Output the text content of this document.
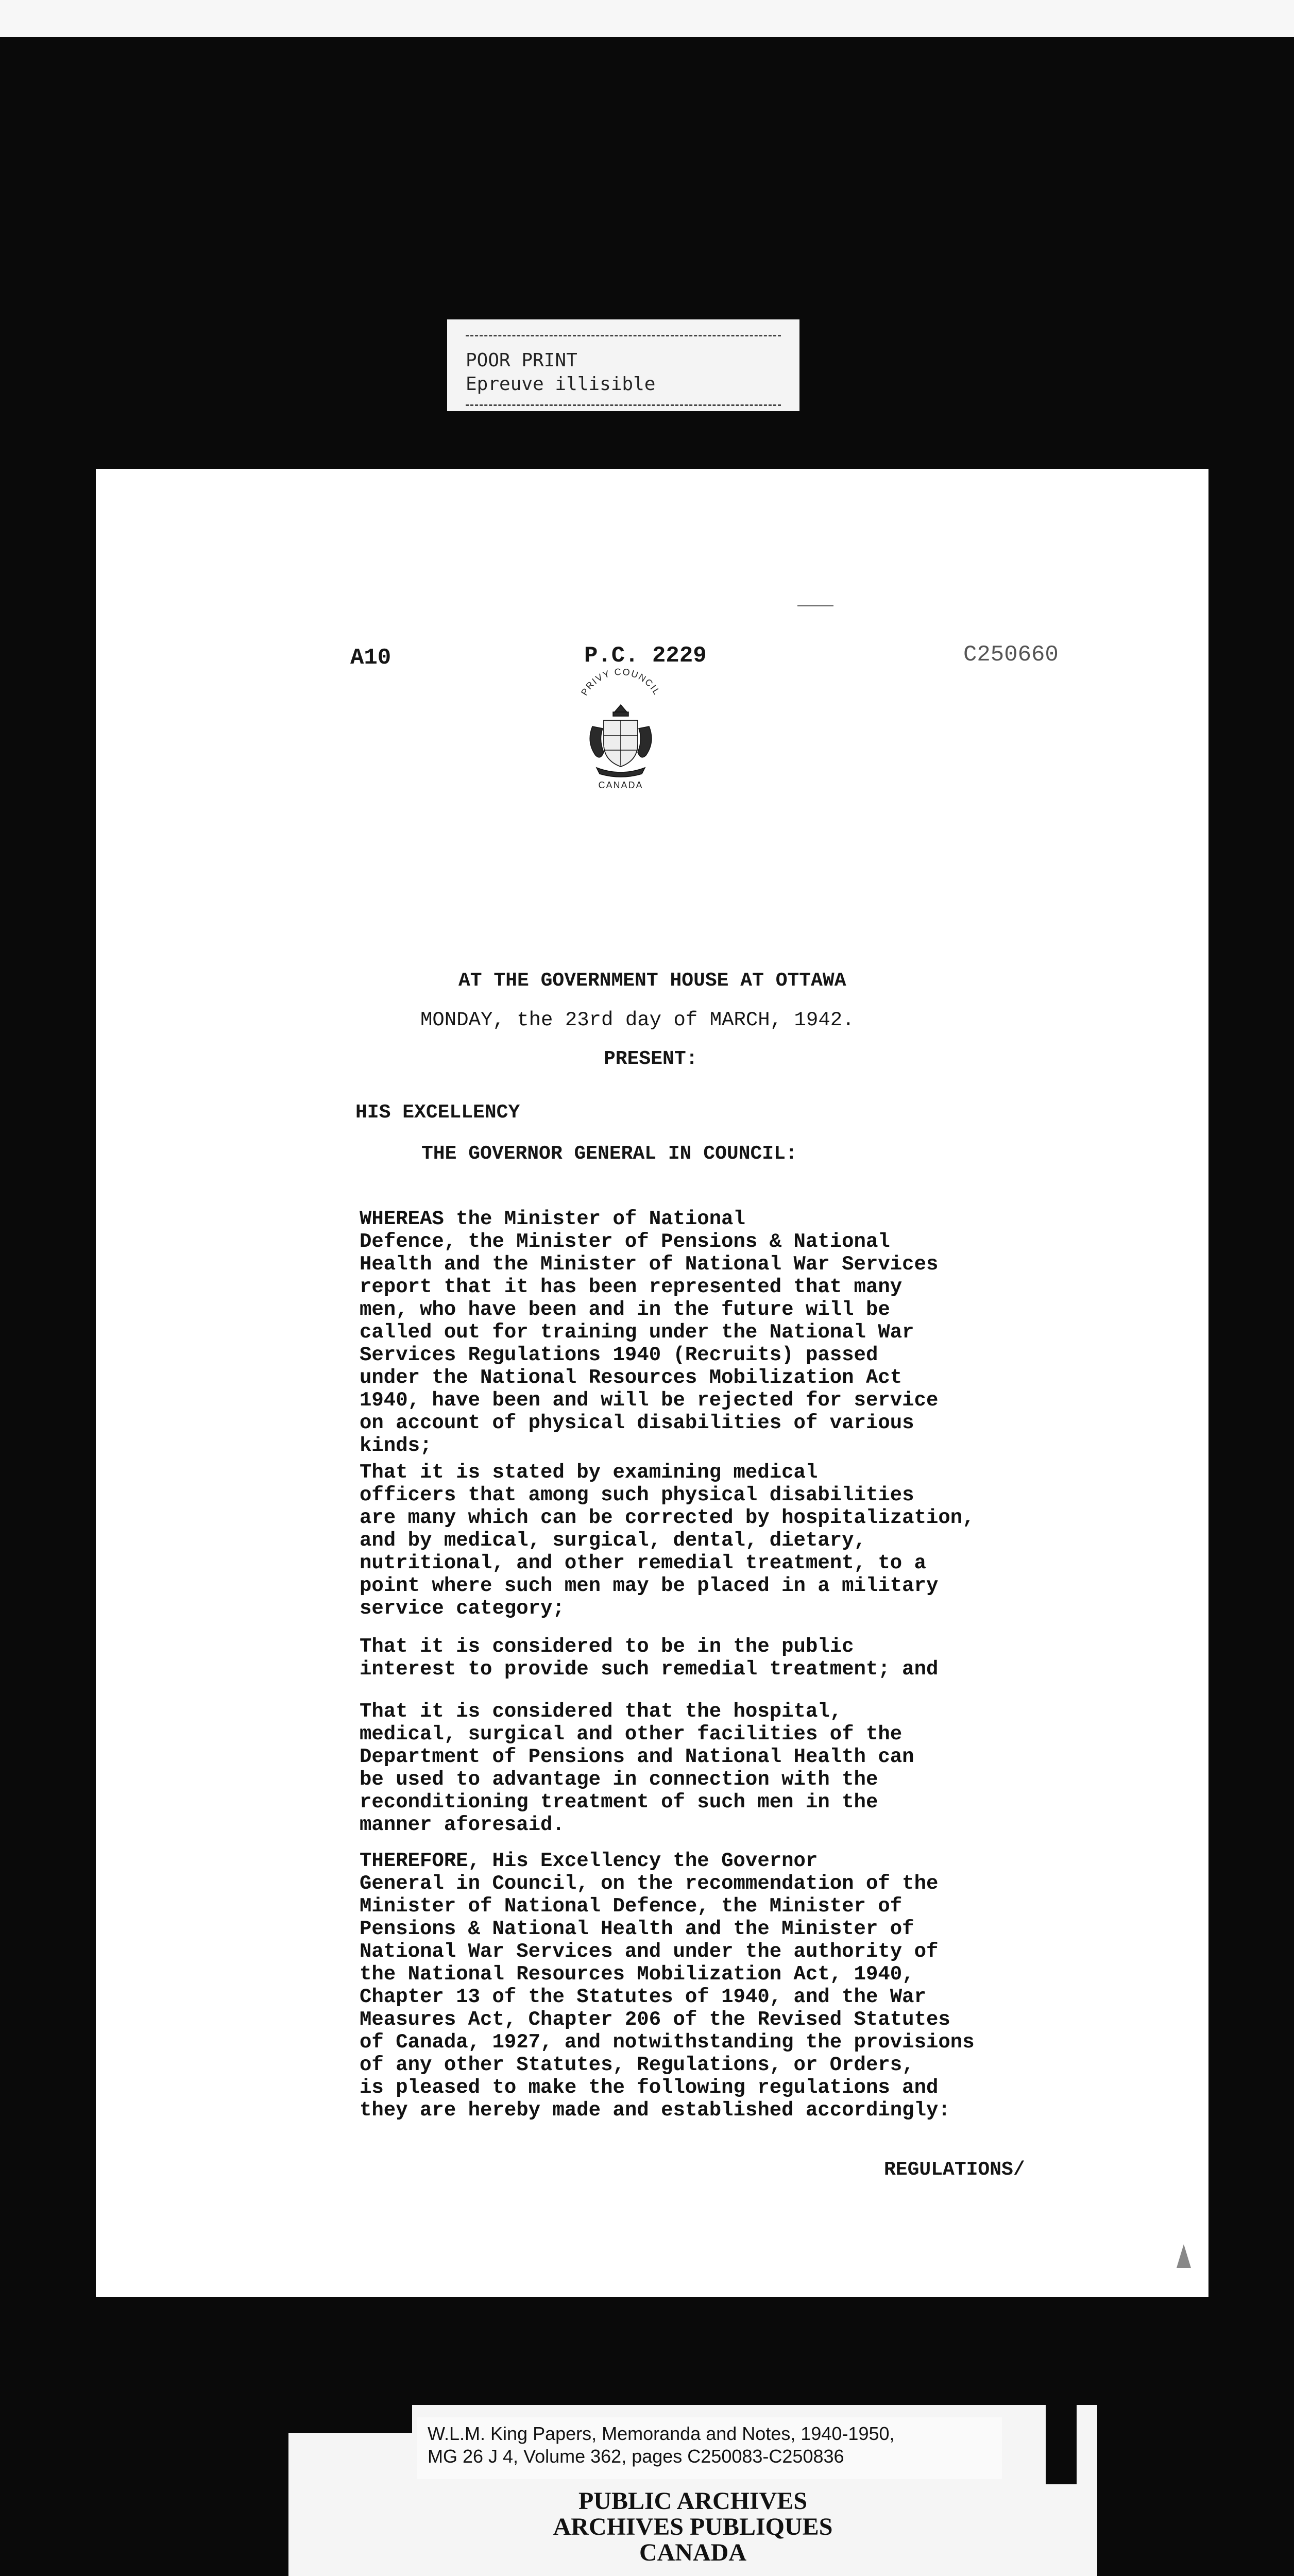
POOR PRINT
Epreuve illisible
A10	P.C. 2229	C250660
PRIVY COUNCIL
CANADA
AT THE GOVERNMENT HOUSE AT OTTAWA
MONDAY, the 23rd day of MARCH, 1942.
PRESENT:
HIS EXCELLENCY
THE GOVERNOR GENERAL IN COUNCIL:
WHEREAS the Minister of National
Defence, the Minister of Pensions & National
Health and the Minister of National War Services
report that it has been represented that many
men, who have been and in the future will be
called out for training under the National War
Services Regulations 1940 (Recruits) passed
under the National Resources Mobilization Act
1940, have been and will be rejected for service
on account of physical disabilities of various
kinds;
That it is stated by examining medical
officers that among such physical disabilities
are many which can be corrected by hospitalization,
and by medical, surgical, dental, dietary,
nutritional, and other remedial treatment, to a
point where such men may be placed in a military
service category;
That it is considered to be in the public
interest to provide such remedial treatment; and
That it is considered that the hospital,
medical, surgical and other facilities of the
Department of Pensions and National Health can
be used to advantage in connection with the
reconditioning treatment of such men in the
manner aforesaid.
THEREFORE, His Excellency the Governor
General in Council, on the recommendation of the
Minister of National Defence, the Minister of
Pensions & National Health and the Minister of
National War Services and under the authority of
the National Resources Mobilization Act, 1940,
Chapter 13 of the Statutes of 1940, and the War
Measures Act, Chapter 206 of the Revised Statutes
of Canada, 1927, and notwithstanding the provisions
of any other Statutes, Regulations, or Orders,
is pleased to make the following regulations and
they are hereby made and established accordingly:
REGULATIONS/
W.L.M. King Papers, Memoranda and Notes, 1940-1950,
MG 26 J 4, Volume 362, pages C250083-C250836
PUBLIC ARCHIVES
ARCHIVES PUBLIQUES
CANADA
